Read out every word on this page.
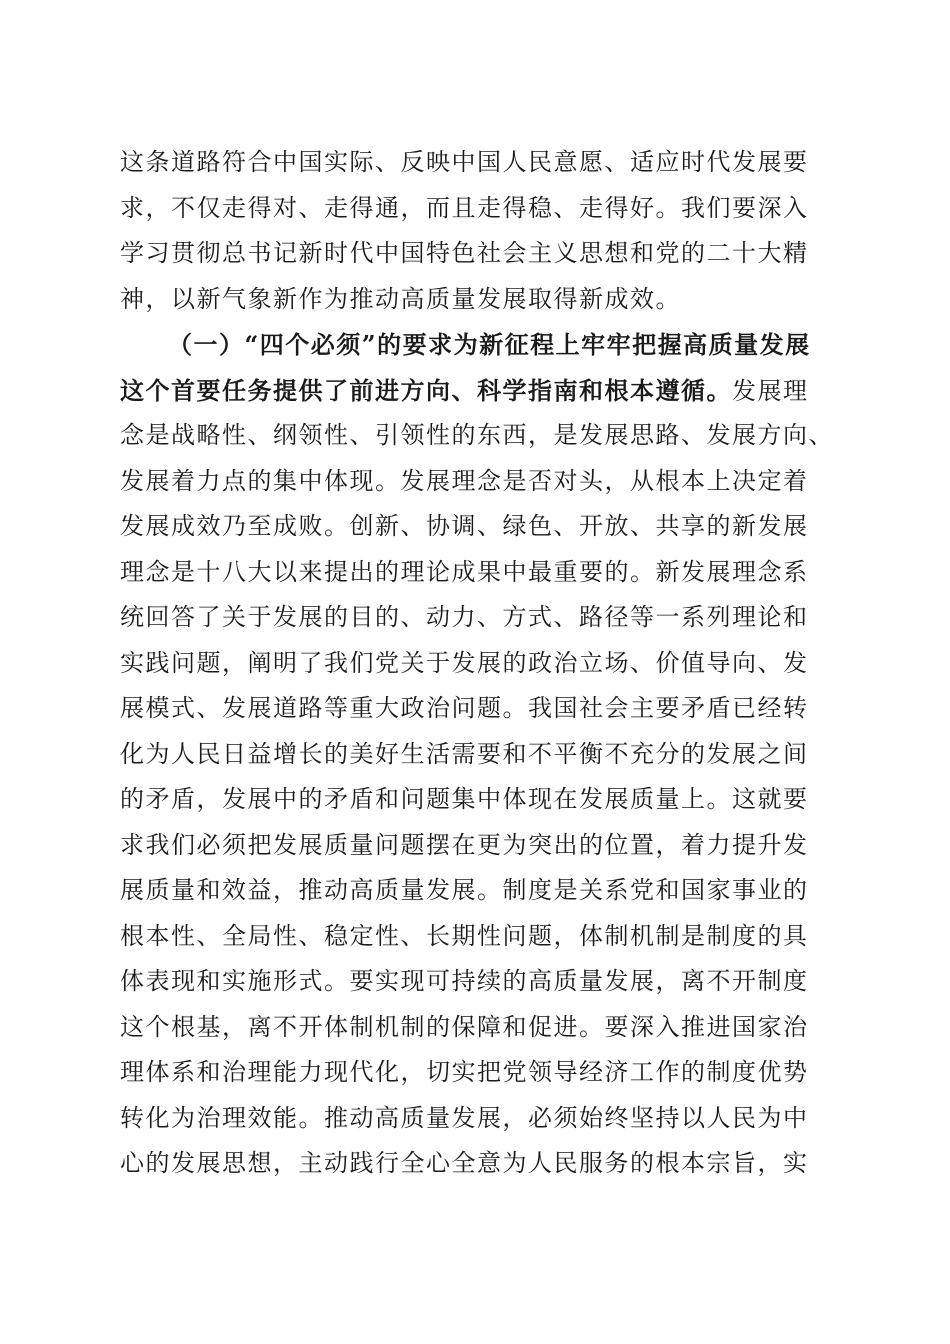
这条道路符合中国实际、反映中国人民意愿、适应时代发展要
求，不仅走得对、走得通，而且走得稳、走得好。我们要深入
学习贯彻总书记新时代中国特色社会主义思想和党的二十大精
神，以新气象新作为推动高质量发展取得新成效。
（一）“四个必须”的要求为新征程上牢牢把握高质量发展
这个首要任务提供了前进方向、科学指南和根本遵循。发展理
念是战略性、纲领性、引领性的东西，是发展思路、发展方向、
发展着力点的集中体现。发展理念是否对头，从根本上决定着
发展成效乃至成败。创新、协调、绿色、开放、共享的新发展
理念是十八大以来提出的理论成果中最重要的。新发展理念系
统回答了关于发展的目的、动力、方式、路径等一系列理论和
实践问题，阐明了我们党关于发展的政治立场、价值导向、发
展模式、发展道路等重大政治问题。我国社会主要矛盾已经转
化为人民日益增长的美好生活需要和不平衡不充分的发展之间
的矛盾，发展中的矛盾和问题集中体现在发展质量上。这就要
求我们必须把发展质量问题摆在更为突出的位置，着力提升发
展质量和效益，推动高质量发展。制度是关系党和国家事业的
根本性、全局性、稳定性、长期性问题，体制机制是制度的具
体表现和实施形式。要实现可持续的高质量发展，离不开制度
这个根基，离不开体制机制的保障和促进。要深入推进国家治
理体系和治理能力现代化，切实把党领导经济工作的制度优势
转化为治理效能。推动高质量发展，必须始终坚持以人民为中
心的发展思想，主动践行全心全意为人民服务的根本宗旨，实
